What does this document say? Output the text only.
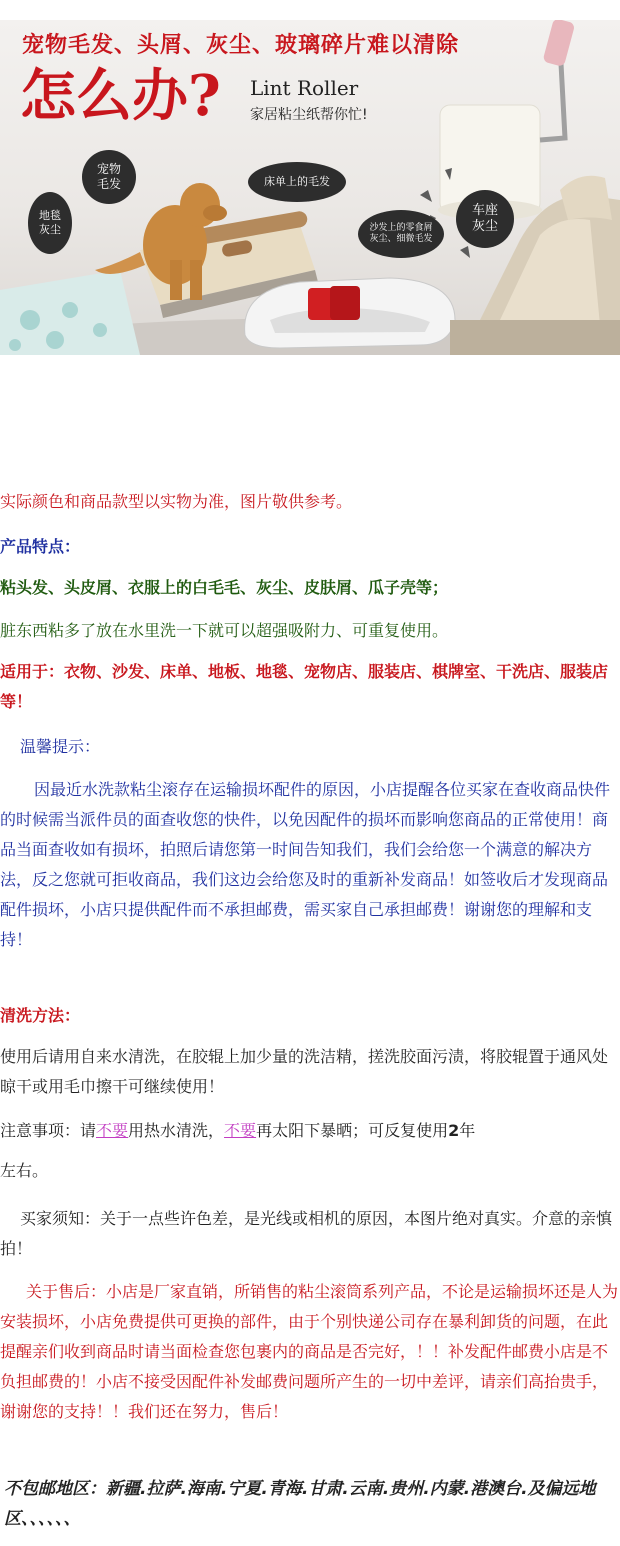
宠物毛发、头屑、灰尘、玻璃碎片难以清除
怎么办? Lint Roller
家居粘尘纸帮你忙!
宠物毛发
地毯灰尘
床单上的毛发
沙发上的零食屑灰尘、细微毛发
车座灰尘

实际颜色和商品款型以实物为准，图片敬供参考。

产品特点：

粘头发、头皮屑、衣服上的白毛毛、灰尘、皮肤屑、瓜子壳等；

脏东西粘多了放在水里洗一下就可以超强吸附力、可重复使用。

适用于：衣物、沙发、床单、地板、地毯、宠物店、服装店、棋牌室、干洗店、服装店等！

温馨提示：

因最近水洗款粘尘滚存在运输损坏配件的原因，小店提醒各位买家在查收商品快件的时候需当派件员的面查收您的快件，以免因配件的损坏而影响您商品的正常使用！商品当面查收如有损坏，拍照后请您第一时间告知我们，我们会给您一个满意的解决方法，反之您就可拒收商品，我们这边会给您及时的重新补发商品！如签收后才发现商品配件损坏，小店只提供配件而不承担邮费，需买家自己承担邮费！谢谢您的理解和支持！

清洗方法：

使用后请用自来水清洗，在胶辊上加少量的洗洁精，搓洗胶面污渍，将胶辊置于通风处晾干或用毛巾擦干可继续使用！

注意事项：请不要用热水清洗，不要再太阳下暴晒；可反复使用2年

左右。

买家须知：关于一点些许色差，是光线或相机的原因，本图片绝对真实。介意的亲慎拍！

关于售后：小店是厂家直销，所销售的粘尘滚筒系列产品，不论是运输损坏还是人为安装损坏，小店免费提供可更换的部件，由于个别快递公司存在暴利卸货的问题，在此提醒亲们收到商品时请当面检查您包裹内的商品是否完好，！！补发配件邮费小店是不负担邮费的！小店不接受因配件补发邮费问题所产生的一切中差评，请亲们高抬贵手，谢谢您的支持！！我们还在努力，售后！

不包邮地区：新疆.拉萨.海南.宁夏.青海.甘肃.云南.贵州.内蒙.港澳台.及偏远地区、、、、、、
